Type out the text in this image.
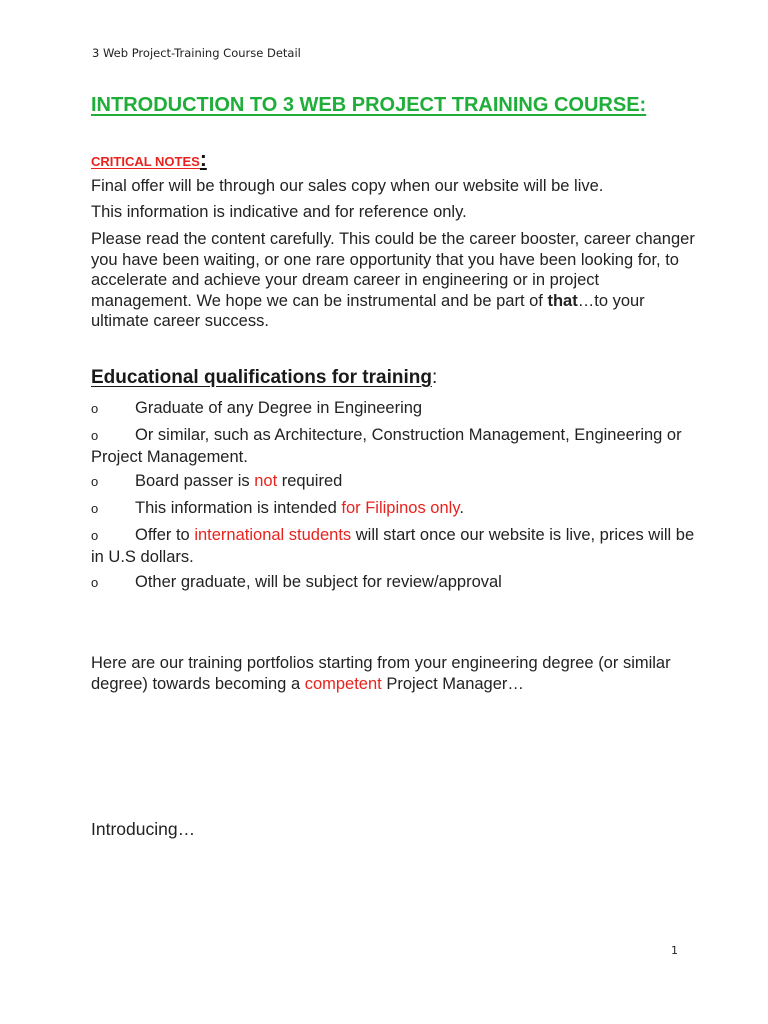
3 Web Project-Training Course Detail
INTRODUCTION TO 3 WEB PROJECT TRAINING COURSE:
CRITICAL NOTES:
Final offer will be through our sales copy when our website will be live.
This information is indicative and for reference only.
Please read the content carefully. This could be the career booster, career changer you have been waiting, or one rare opportunity that you have been looking for, to accelerate and achieve your dream career in engineering or in project management. We hope we can be instrumental and be part of that…to your ultimate career success.
Educational qualifications for training:
o Graduate of any Degree in Engineering
o Or similar, such as Architecture, Construction Management, Engineering or Project Management.
o Board passer is not required
o This information is intended for Filipinos only.
o Offer to international students will start once our website is live, prices will be in U.S dollars.
o Other graduate, will be subject for review/approval
Here are our training portfolios starting from your engineering degree (or similar degree) towards becoming a competent Project Manager…
Introducing…
1
